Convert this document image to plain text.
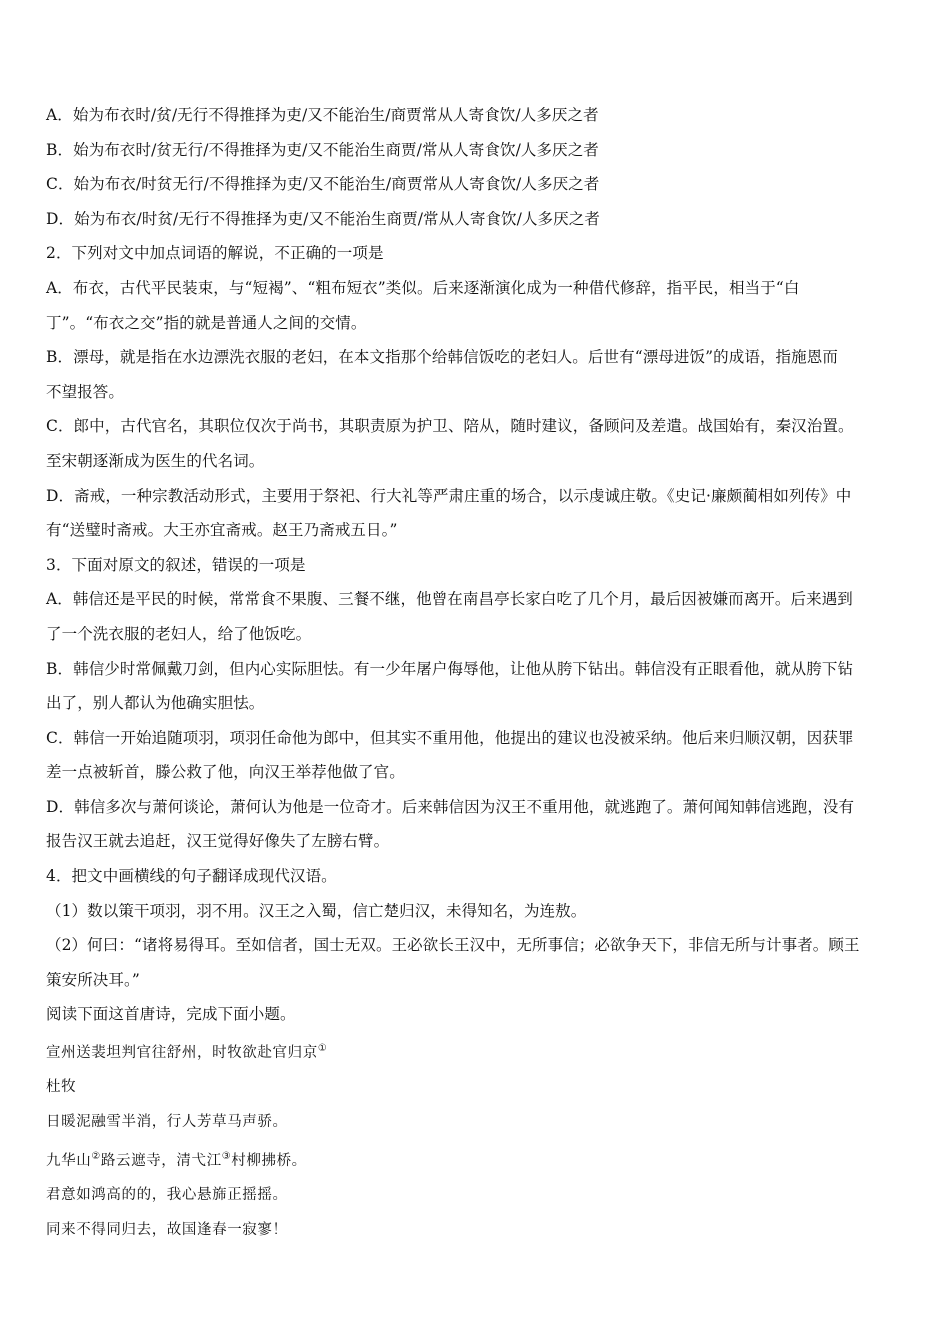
A．始为布衣时/贫/无行不得推择为吏/又不能治生/商贾常从人寄食饮/人多厌之者
B．始为布衣时/贫无行/不得推择为吏/又不能治生商贾/常从人寄食饮/人多厌之者
C．始为布衣/时贫无行/不得推择为吏/又不能治生/商贾常从人寄食饮/人多厌之者
D．始为布衣/时贫/无行不得推择为吏/又不能治生商贾/常从人寄食饮/人多厌之者
2．下列对文中加点词语的解说，不正确的一项是
A．布衣，古代平民装束，与“短褐”、“粗布短衣”类似。后来逐渐演化成为一种借代修辞，指平民，相当于“白
丁”。“布衣之交”指的就是普通人之间的交情。
B．漂母，就是指在水边漂洗衣服的老妇，在本文指那个给韩信饭吃的老妇人。后世有“漂母进饭”的成语，指施恩而
不望报答。
C．郎中，古代官名，其职位仅次于尚书，其职责原为护卫、陪从，随时建议，备顾问及差遣。战国始有，秦汉治置。
至宋朝逐渐成为医生的代名词。
D．斋戒，一种宗教活动形式，主要用于祭祀、行大礼等严肃庄重的场合，以示虔诚庄敬。《史记·廉颇蔺相如列传》中
有“送璧时斋戒。大王亦宜斋戒。赵王乃斋戒五日。”
3．下面对原文的叙述，错误的一项是
A．韩信还是平民的时候，常常食不果腹、三餐不继，他曾在南昌亭长家白吃了几个月，最后因被嫌而离开。后来遇到
了一个洗衣服的老妇人，给了他饭吃。
B．韩信少时常佩戴刀剑，但内心实际胆怯。有一少年屠户侮辱他，让他从胯下钻出。韩信没有正眼看他，就从胯下钻
出了，别人都认为他确实胆怯。
C．韩信一开始追随项羽，项羽任命他为郎中，但其实不重用他，他提出的建议也没被采纳。他后来归顺汉朝，因获罪
差一点被斩首，滕公救了他，向汉王举荐他做了官。
D．韩信多次与萧何谈论，萧何认为他是一位奇才。后来韩信因为汉王不重用他，就逃跑了。萧何闻知韩信逃跑，没有
报告汉王就去追赶，汉王觉得好像失了左膀右臂。
4．把文中画横线的句子翻译成现代汉语。
（1）数以策干项羽，羽不用。汉王之入蜀，信亡楚归汉，未得知名，为连敖。
（2）何曰：“诸将易得耳。至如信者，国士无双。王必欲长王汉中，无所事信；必欲争天下，非信无所与计事者。顾王
策安所决耳。”
阅读下面这首唐诗，完成下面小题。
宣州送裴坦判官往舒州，时牧欲赴官归京①
杜牧
日暖泥融雪半消，行人芳草马声骄。
九华山②路云遮寺，清弋江③村柳拂桥。
君意如鸿高的的，我心悬旆正摇摇。
同来不得同归去，故国逢春一寂寥！
